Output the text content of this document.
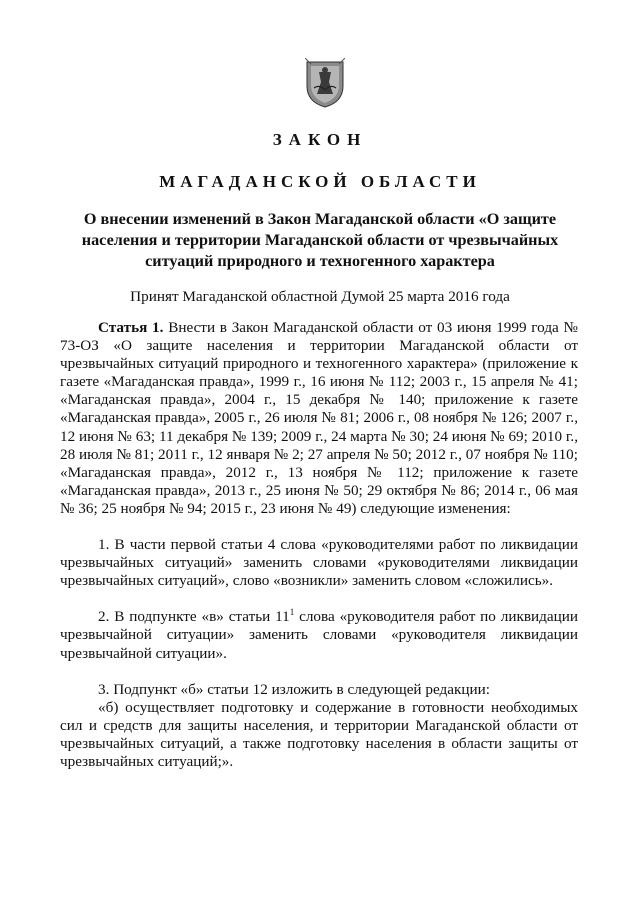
ЗАКОН
МАГАДАНСКОЙ ОБЛАСТИ
О внесении изменений в Закон Магаданской области «О защите населения и территории Магаданской области от чрезвычайных ситуаций природного и техногенного характера
Принят Магаданской областной Думой 25 марта 2016 года

Статья 1. Внести в Закон Магаданской области от 03 июня 1999 года № 73-ОЗ «О защите населения и территории Магаданской области от чрезвычайных ситуаций природного и техногенного характера» (приложение к газете «Магаданская правда», 1999 г., 16 июня № 112; 2003 г., 15 апреля № 41; «Магаданская правда», 2004 г., 15 декабря № 140; приложение к газете «Магаданская правда», 2005 г., 26 июля № 81; 2006 г., 08 ноября № 126; 2007 г., 12 июня № 63; 11 декабря № 139; 2009 г., 24 марта № 30; 24 июня № 69; 2010 г., 28 июля № 81; 2011 г., 12 января № 2; 27 апреля № 50; 2012 г., 07 ноября № 110; «Магаданская правда», 2012 г., 13 ноября № 112; приложение к газете «Магаданская правда», 2013 г., 25 июня № 50; 29 октября № 86; 2014 г., 06 мая № 36; 25 ноября № 94; 2015 г., 23 июня № 49) следующие изменения:

1. В части первой статьи 4 слова «руководителями работ по ликвидации чрезвычайных ситуаций» заменить словами «руководителями ликвидации чрезвычайных ситуаций», слово «возникли» заменить словом «сложились».

2. В подпункте «в» статьи $11^1$ слова «руководителя работ по ликвидации чрезвычайной ситуации» заменить словами «руководителя ликвидации чрезвычайной ситуации».

3. Подпункт «б» статьи 12 изложить в следующей редакции:

«б) осуществляет подготовку и содержание в готовности необходимых сил и средств для защиты населения, и территории Магаданской области от чрезвычайных ситуаций, а также подготовку населения в области защиты от чрезвычайных ситуаций;».
